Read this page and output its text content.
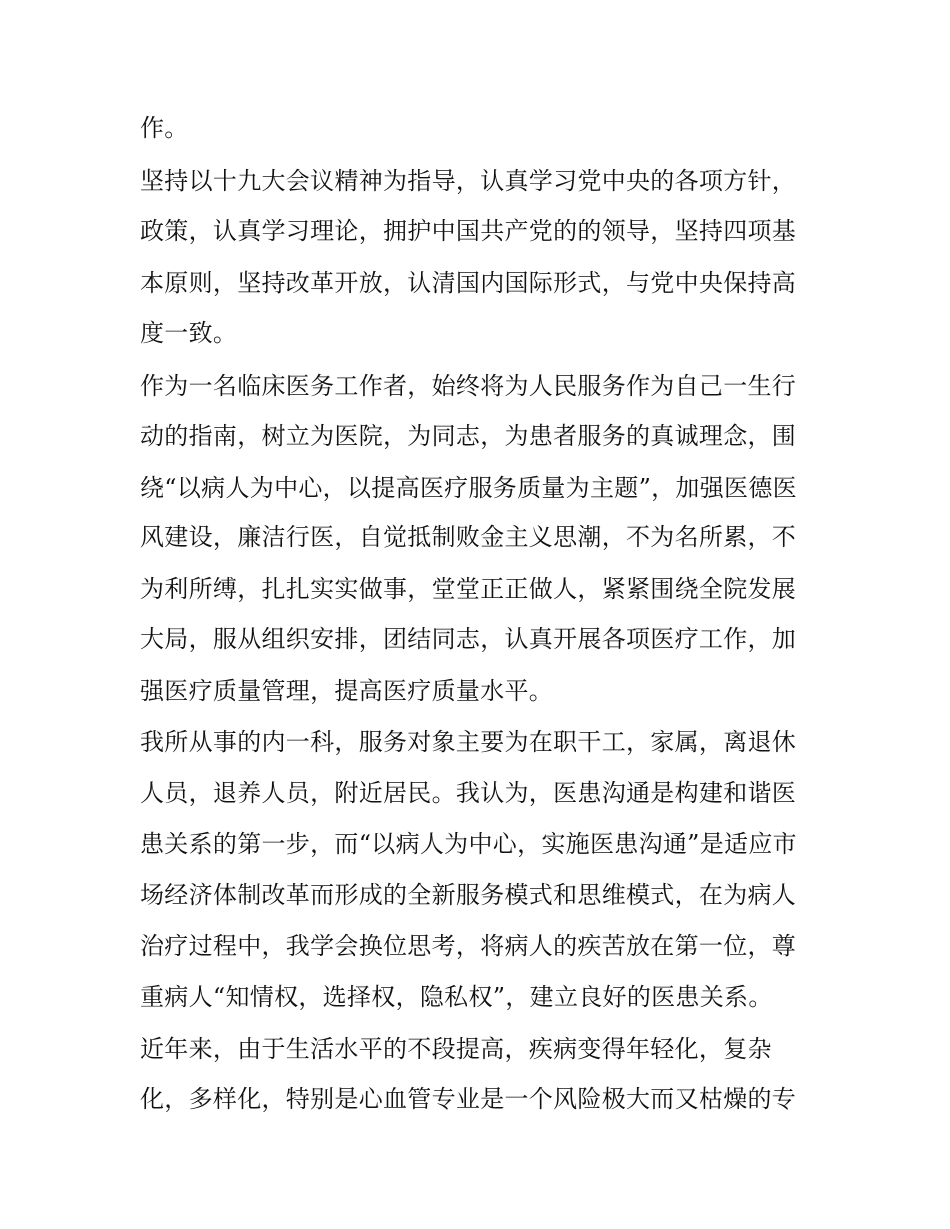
作。
坚持以十九大会议精神为指导，认真学习党中央的各项方针，
政策，认真学习理论，拥护中国共产党的的领导，坚持四项基
本原则，坚持改革开放，认清国内国际形式，与党中央保持高
度一致。
作为一名临床医务工作者，始终将为人民服务作为自己一生行
动的指南，树立为医院，为同志，为患者服务的真诚理念，围
绕“以病人为中心，以提高医疗服务质量为主题”，加强医德医
风建设，廉洁行医，自觉抵制败金主义思潮，不为名所累，不
为利所缚，扎扎实实做事，堂堂正正做人，紧紧围绕全院发展
大局，服从组织安排，团结同志，认真开展各项医疗工作，加
强医疗质量管理，提高医疗质量水平。
我所从事的内一科，服务对象主要为在职干工，家属，离退休
人员，退养人员，附近居民。我认为，医患沟通是构建和谐医
患关系的第一步，而“以病人为中心，实施医患沟通”是适应市
场经济体制改革而形成的全新服务模式和思维模式，在为病人
治疗过程中，我学会换位思考，将病人的疾苦放在第一位，尊
重病人“知情权，选择权，隐私权”，建立良好的医患关系。
近年来，由于生活水平的不段提高，疾病变得年轻化，复杂
化，多样化，特别是心血管专业是一个风险极大而又枯燥的专
